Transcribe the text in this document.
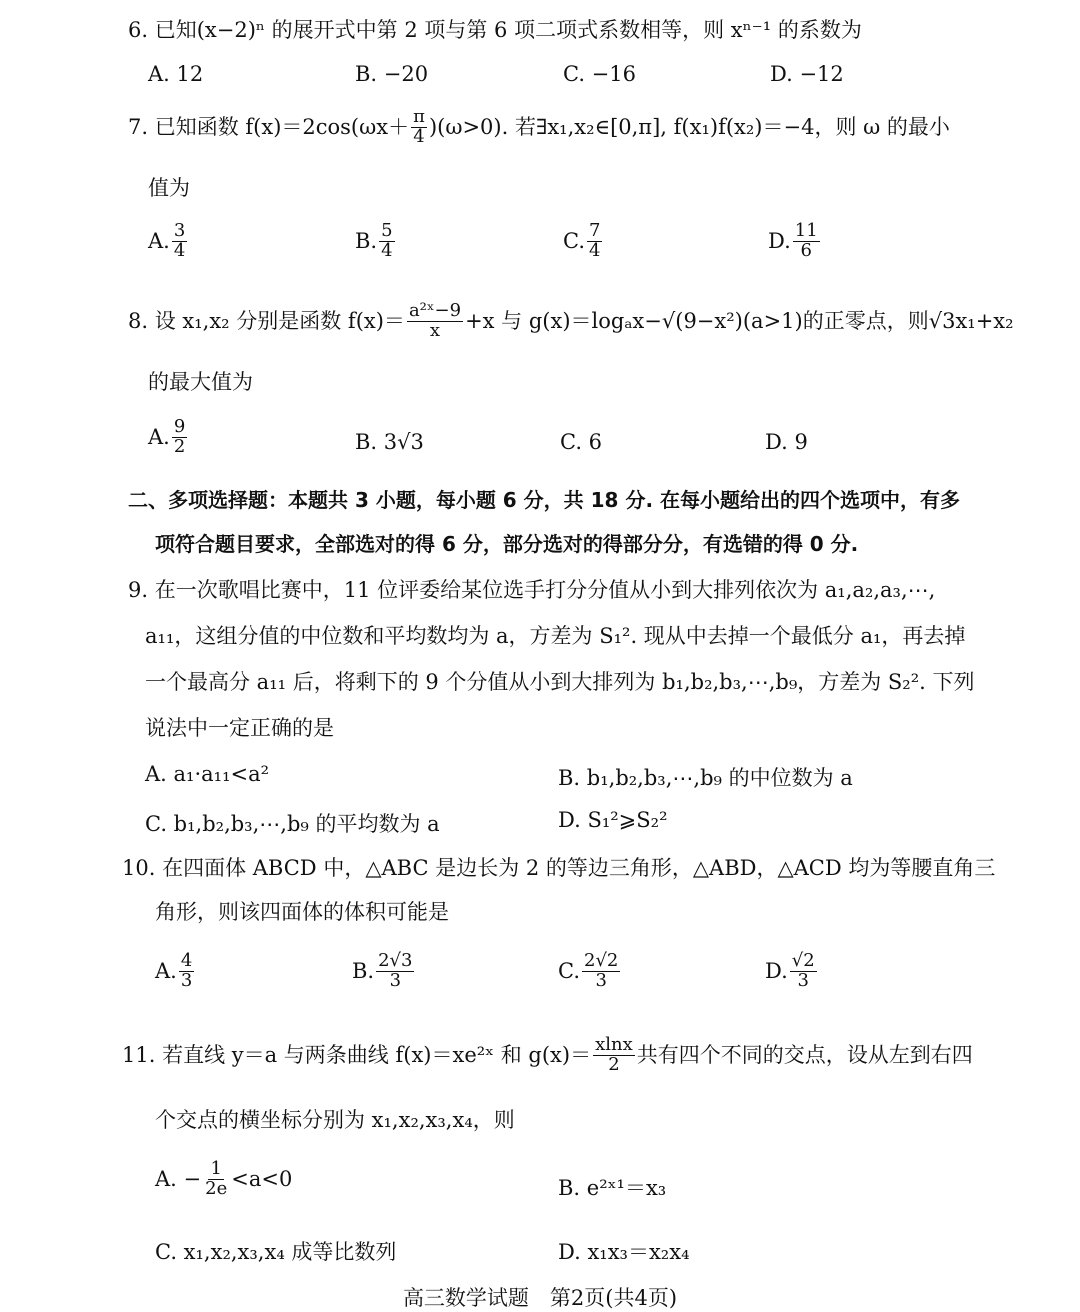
6. 已知(x−2)ⁿ 的展开式中第 2 项与第 6 项二项式系数相等，则 xⁿ⁻¹ 的系数为
A. 12	B. −20	C. −16	D. −12
7. 已知函数 $f(x)=2\cos(\omega x+ \frac{\pi}{4} )(\omega>0)$. 若∃x₁,x₂∈[0,π], f(x₁)f(x₂)＝−4，则 ω 的最小
值为
A. $\frac{3}{4}$	B. $\frac{5}{4}$	C. $\frac{7}{4}$	D. $\frac{11}{6}$
8. 设 x₁,x₂ 分别是函数 $f(x)= \frac{\text{a²ˣ−9}}{x} +x$ 与 g(x)＝logₐx−√(9−x²)(a>1)的正零点，则√3x₁+x₂
的最大值为
A. $\frac{9}{2}$	B. 3√3	C. 6	D. 9
二、多项选择题：本题共 3 小题，每小题 6 分，共 18 分. 在每小题给出的四个选项中，有多
项符合题目要求，全部选对的得 6 分，部分选对的得部分分，有选错的得 0 分.
9. 在一次歌唱比赛中，11 位评委给某位选手打分分值从小到大排列依次为 a₁,a₂,a₃,⋯,
a₁₁，这组分值的中位数和平均数均为 a，方差为 S₁². 现从中去掉一个最低分 a₁，再去掉
一个最高分 a₁₁ 后，将剩下的 9 个分值从小到大排列为 b₁,b₂,b₃,⋯,b₉，方差为 S₂². 下列
说法中一定正确的是
A. a₁·a₁₁<a²	B. b₁,b₂,b₃,⋯,b₉ 的中位数为 a
C. b₁,b₂,b₃,⋯,b₉ 的平均数为 a	D. S₁²⩾S₂²
10. 在四面体 ABCD 中，△ABC 是边长为 2 的等边三角形，△ABD，△ACD 均为等腰直角三
角形，则该四面体的体积可能是
A. $\frac{4}{3}$	B. $\frac{2√3}{3}$	C. $\frac{2√2}{3}$	D. $\frac{√2}{3}$
11. 若直线 y＝a 与两条曲线 f(x)＝xe²ˣ 和 $g(x)= \frac{xlnx}{2}$ 共有四个不同的交点，设从左到右四
个交点的横坐标分别为 x₁,x₂,x₃,x₄，则
A. − $\frac{1}{2e} <a<0$	B. e²ˣ¹＝x₃
C. x₁,x₂,x₃,x₄ 成等比数列	D. x₁x₃＝x₂x₄
高三数学试题　第2页(共4页)
